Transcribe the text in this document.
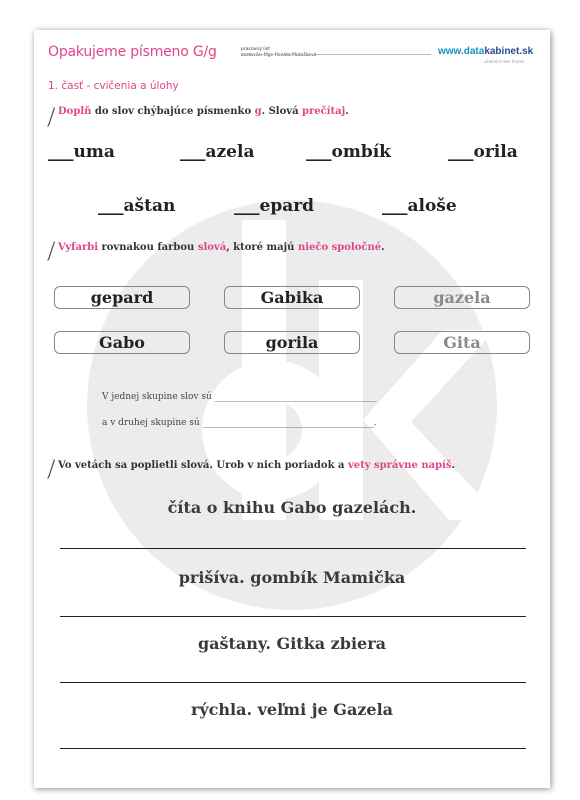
Opakujeme písmeno G/g	pracovný list
zostavila: Mgr. Renáta Matúšková	www.datakabinet.sk
učebnice bez hraníc
1. časť - cvičenia a úlohy
Doplň do slov chýbajúce písmenko g. Slová prečítaj.
___uma	___azela	___ombík	___orila
___aštan	___epard	___aloše
Vyfarbi rovnakou farbou slová, ktoré majú niečo spoločné.
gepard	Gabika	gazela
Gabo	gorila	Gita
V jednej skupine slov sú ____________________________________
a v druhej skupine sú ______________________________________.
Vo vetách sa poplietli slová. Urob v nich poriadok a vety správne napíš.
číta o knihu Gabo gazelách.
prišíva. gombík Mamička
gaštany. Gitka zbiera
rýchla. veľmi je Gazela
